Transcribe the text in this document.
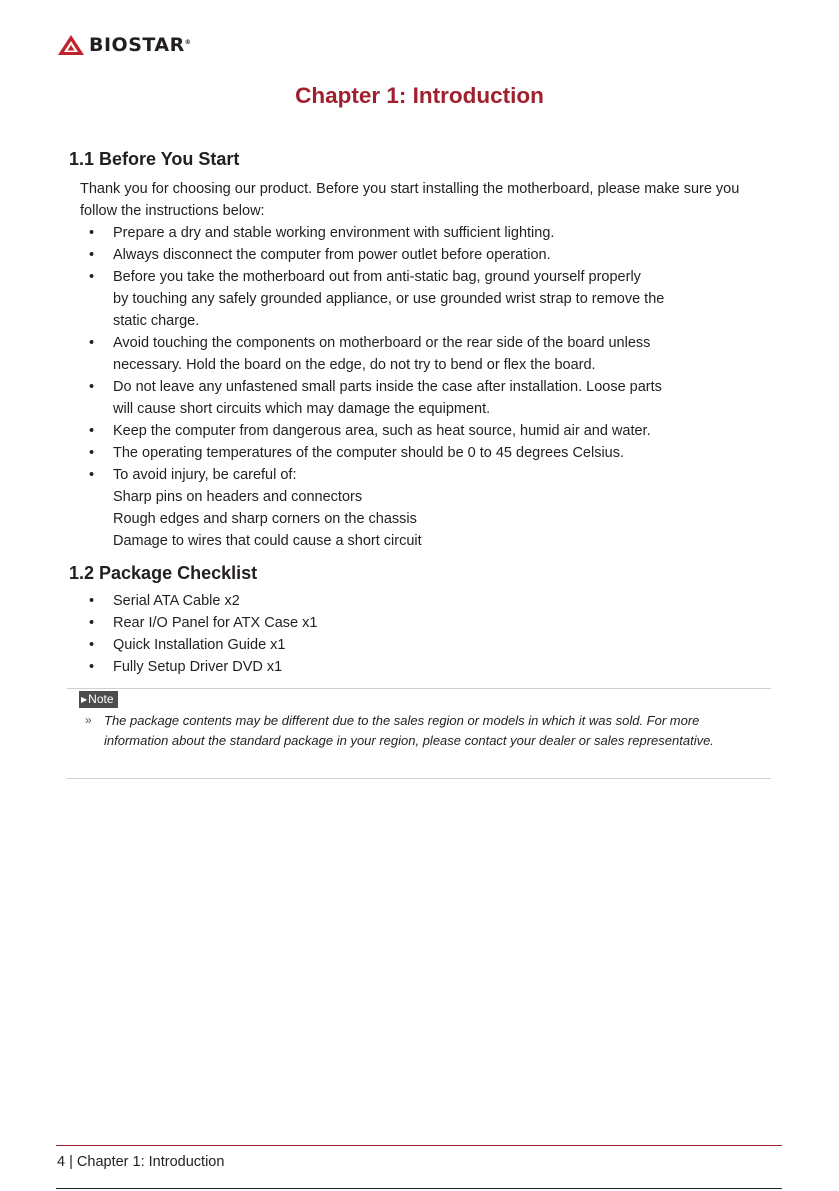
BIOSTAR®
Chapter 1: Introduction
1.1 Before You Start

Thank you for choosing our product. Before you start installing the motherboard, please make sure you follow the instructions below:

• Prepare a dry and stable working environment with sufficient lighting.
• Always disconnect the computer from power outlet before operation.
• Before you take the motherboard out from anti-static bag, ground yourself properly
by touching any safely grounded appliance, or use grounded wrist strap to remove the
static charge.
• Avoid touching the components on motherboard or the rear side of the board unless
necessary. Hold the board on the edge, do not try to bend or flex the board.
• Do not leave any unfastened small parts inside the case after installation. Loose parts
will cause short circuits which may damage the equipment.
• Keep the computer from dangerous area, such as heat source, humid air and water.
• The operating temperatures of the computer should be 0 to 45 degrees Celsius.
• To avoid injury, be careful of:
Sharp pins on headers and connectors
Rough edges and sharp corners on the chassis
Damage to wires that could cause a short circuit
1.2 Package Checklist
• Serial ATA Cable x2
• Rear I/O Panel for ATX Case x1
• Quick Installation Guide x1
• Fully Setup Driver DVD x1
▶ Note
» The package contents may be different due to the sales region or models in which it was sold. For more information about the standard package in your region, please contact your dealer or sales representative.

4 | Chapter 1: Introduction
